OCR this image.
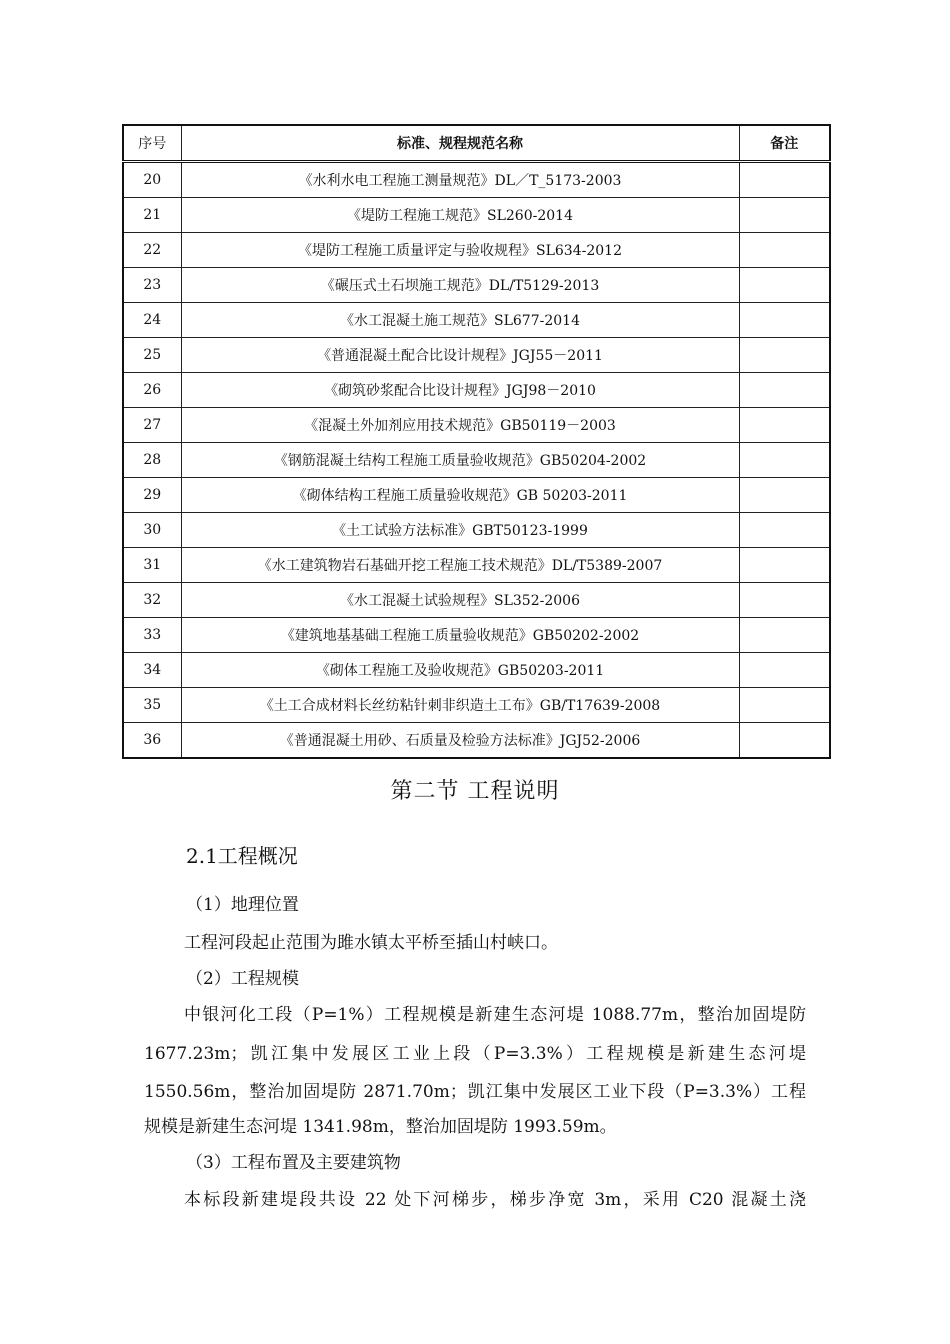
序号	标准、规程规范名称	备注
20	《水利水电工程施工测量规范》DL／T_5173-2003	
21	《堤防工程施工规范》SL260-2014	
22	《堤防工程施工质量评定与验收规程》SL634-2012	
23	《碾压式土石坝施工规范》DL/T5129-2013	
24	《水工混凝土施工规范》SL677-2014	
25	《普通混凝土配合比设计规程》JGJ55－2011	
26	《砌筑砂浆配合比设计规程》JGJ98－2010	
27	《混凝土外加剂应用技术规范》GB50119－2003	
28	《钢筋混凝土结构工程施工质量验收规范》GB50204-2002	
29	《砌体结构工程施工质量验收规范》GB 50203-2011	
30	《土工试验方法标准》GBT50123-1999	
31	《水工建筑物岩石基础开挖工程施工技术规范》DL/T5389-2007	
32	《水工混凝土试验规程》SL352-2006	
33	《建筑地基基础工程施工质量验收规范》GB50202-2002	
34	《砌体工程施工及验收规范》GB50203-2011	
35	《土工合成材料长丝纺粘针刺非织造土工布》GB/T17639-2008	
36	《普通混凝土用砂、石质量及检验方法标准》JGJ52-2006	
第二节 工程说明
2.1工程概况
（1）地理位置
工程河段起止范围为雎水镇太平桥至插山村峡口。
（2）工程规模
中银河化工段（P=1%）工程规模是新建生态河堤 1088.77m，整治加固堤防
1677.23m；凯江集中发展区工业上段（P=3.3%）工程规模是新建生态河堤
1550.56m，整治加固堤防 2871.70m；凯江集中发展区工业下段（P=3.3%）工程
规模是新建生态河堤 1341.98m，整治加固堤防 1993.59m。
（3）工程布置及主要建筑物
本标段新建堤段共设 22 处下河梯步，梯步净宽 3m，采用 C20 混凝土浇
